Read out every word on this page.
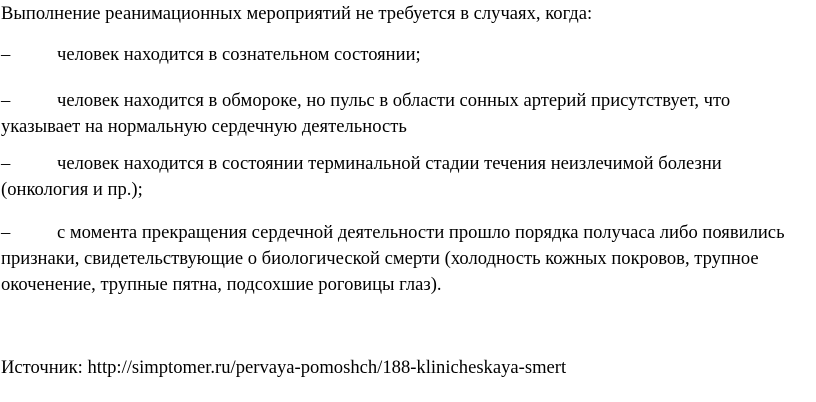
Выполнение реанимационных мероприятий не требуется в случаях, когда:
–	человек находится в сознательном состоянии;
–	человек находится в обмороке, но пульс в области сонных артерий присутствует, что
указывает на нормальную сердечную деятельность
–	человек находится в состоянии терминальной стадии течения неизлечимой болезни
(онкология и пр.);
–	с момента прекращения сердечной деятельности прошло порядка получаса либо появились
признаки, свидетельствующие о биологической смерти (холодность кожных покровов, трупное окоченение, трупные пятна, подсохшие роговицы глаз).
Источник: http://simptomer.ru/pervaya-pomoshch/188-klinicheskaya-smert
